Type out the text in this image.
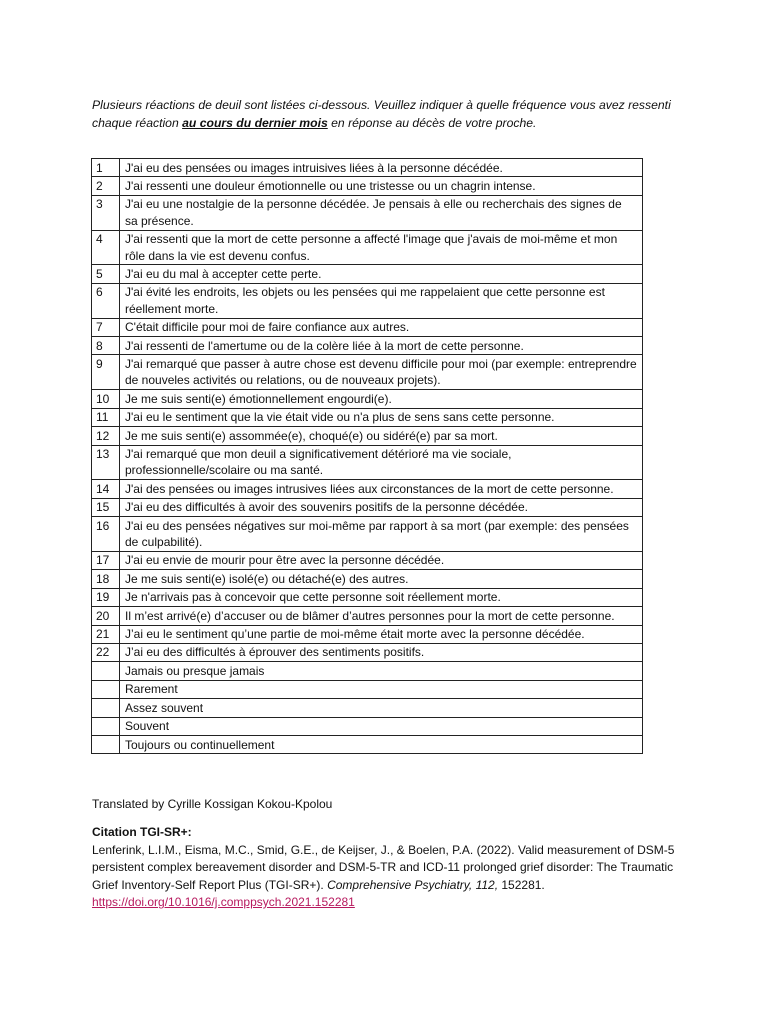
Plusieurs réactions de deuil sont listées ci-dessous. Veuillez indiquer à quelle fréquence vous avez ressenti chaque réaction au cours du dernier mois en réponse au décès de votre proche.

1	J'ai eu des pensées ou images intruisives liées à la personne décédée.
2	J'ai ressenti une douleur émotionnelle ou une tristesse ou un chagrin intense.
3	J'ai eu une nostalgie de la personne décédée. Je pensais à elle ou recherchais des signes de sa présence.
4	J'ai ressenti que la mort de cette personne a affecté l'image que j'avais de moi-même et mon rôle dans la vie est devenu confus.
5	J'ai eu du mal à accepter cette perte.
6	J'ai évité les endroits, les objets ou les pensées qui me rappelaient que cette personne est réellement morte.
7	C'était difficile pour moi de faire confiance aux autres.
8	J'ai ressenti de l'amertume ou de la colère liée à la mort de cette personne.
9	J'ai remarqué que passer à autre chose est devenu difficile pour moi (par exemple: entreprendre de nouveles activités ou relations, ou de nouveaux projets).
10	Je me suis senti(e) émotionnellement engourdi(e).
11	J'ai eu le sentiment que la vie était vide ou n'a plus de sens sans cette personne.
12	Je me suis senti(e) assommée(e), choqué(e) ou sidéré(e) par sa mort.
13	J'ai remarqué que mon deuil a significativement détérioré ma vie sociale, professionnelle/scolaire ou ma santé.
14	J'ai des pensées ou images intrusives liées aux circonstances de la mort de cette personne.
15	J'ai eu des difficultés à avoir des souvenirs positifs de la personne décédée.
16	J'ai eu des pensées négatives sur moi-même par rapport à sa mort (par exemple: des pensées de culpabilité).
17	J'ai eu envie de mourir pour être avec la personne décédée.
18	Je me suis senti(e) isolé(e) ou détaché(e) des autres.
19	Je n'arrivais pas à concevoir que cette personne soit réellement morte.
20	Il m’est arrivé(e) d’accuser ou de blâmer d’autres personnes pour la mort de cette personne.
21	J’ai eu le sentiment qu’une partie de moi-même était morte avec la personne décédée.
22	J’ai eu des difficultés à éprouver des sentiments positifs.
	Jamais ou presque jamais
	Rarement
	Assez souvent
	Souvent
	Toujours ou continuellement
Translated by Cyrille Kossigan Kokou-Kpolou
Citation TGI-SR+:
Lenferink, L.I.M., Eisma, M.C., Smid, G.E., de Keijser, J., & Boelen, P.A. (2022). Valid measurement of DSM-5 persistent complex bereavement disorder and DSM-5-TR and ICD-11 prolonged grief disorder: The Traumatic Grief Inventory-Self Report Plus (TGI-SR+). Comprehensive Psychiatry, 112, 152281.
https://doi.org/10.1016/j.comppsych.2021.152281
